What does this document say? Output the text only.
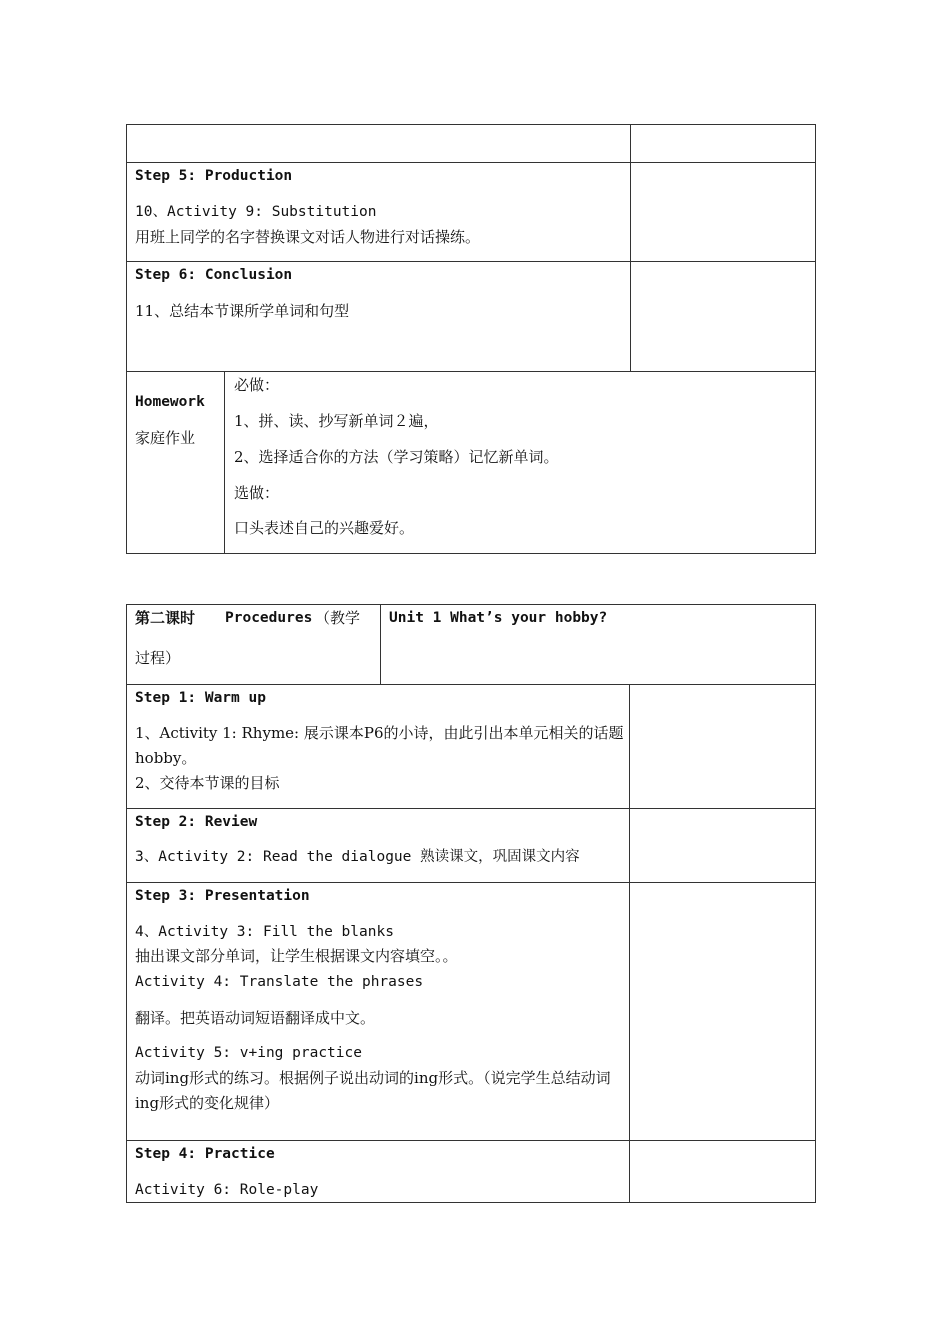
Step 5: Production
10、Activity 9: Substitution
用班上同学的名字替换课文对话人物进行对话操练。
Step 6: Conclusion
11、总结本节课所学单词和句型
Homework
家庭作业
必做：
1、拼、读、抄写新单词２遍，
2、选择适合你的方法（学习策略）记忆新单词。
选做：
口头表述自己的兴趣爱好。
第二课时 Procedures （教学
过程）
Unit 1 What’s your hobby?
Step 1: Warm up
1、Activity 1: Rhyme: 展示课本P6的小诗，由此引出本单元相关的话题hobby。
2、交待本节课的目标
Step 2: Review
3、Activity 2: Read the dialogue 熟读课文，巩固课文内容
Step 3: Presentation
4、Activity 3: Fill the blanks
抽出课文部分单词，让学生根据课文内容填空。。
Activity 4: Translate the phrases
翻译。把英语动词短语翻译成中文。
Activity 5: v+ing practice
动词ing形式的练习。根据例子说出动词的ing形式。（说完学生总结动词ing形式的变化规律）
Step 4: Practice
Activity 6: Role-play
